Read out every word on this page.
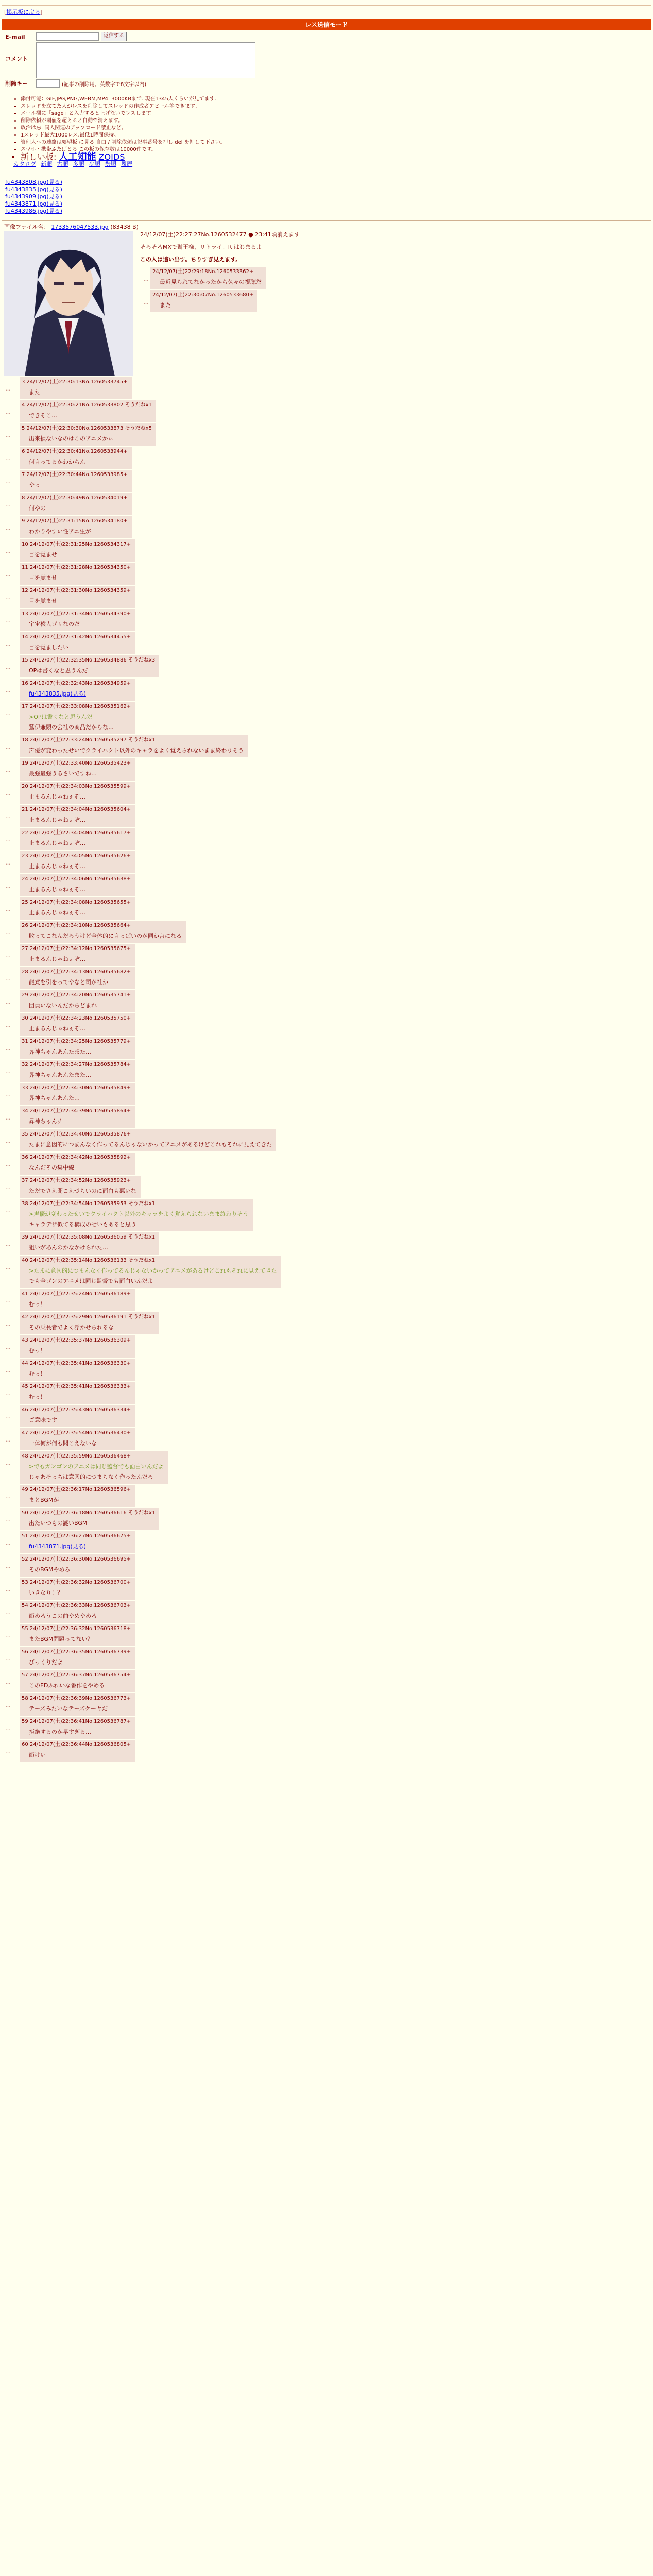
[掲示板に戻る]
レス送信モード
E-mail	返信する
コメント
削除キー	(記事の削除用。英数字で8文字以内)
• 添付可能：GIF,JPG,PNG,WEBM,MP4. 3000KBまで. 現在1345人くらいが見てます.
• スレッドを立てた人がレスを削除してスレッドの作成者アピール等できます。
• メール欄に「sage」と入力すると上げないでレスします。
• 削除依頼が閾値を超えると自動で消えます。
• 政治は忌. 同人関連のアップロード禁止など。
• 1スレッド最大1000レス,最低1時間保持。
• 管理人への連絡は要望板 に見る 自由 / 削除依頼は記事番号を押し del を押して下さい。
• スマホ・携帯ふたばとろ この板の保存数は10000件です。
• 新しい板: 人工知能 ZOIDS
カタログ 新順 古順 多順 少順 勢順 履歴
fu4343808.jpg(見る)
fu4343835.jpg(見る)
fu4343909.jpg(見る)
fu4343871.jpg(見る)
fu4343986.jpg(見る)
画像ファイル名： 1733576047533.jpg (83438 B)
24/12/07(土)22:27:27No.1260532477 ● 23:41頃消えます

そろそろMXで鷲王様、リトライ！R はじまるよ

この人は追い出す。ちりすぎ見えます。

…
24/12/07(土)22:29:18No.1260533362+
最近見られてなかったから久々の視聴だ
…
24/12/07(土)22:30:07No.1260533680+
また
…
3 24/12/07(土)22:30:13No.1260533745+
また
…
4 24/12/07(土)22:30:21No.1260533802 そうだねx1
できそこ…
…
5 24/12/07(土)22:30:30No.1260533873 そうだねx5
出来損ないなのはこのアニメかぃ
…
6 24/12/07(土)22:30:41No.1260533944+
何言ってるかわからん
…
7 24/12/07(土)22:30:44No.1260533985+
やっ
…
8 24/12/07(土)22:30:49No.1260534019+
何やの
…
9 24/12/07(土)22:31:15No.1260534180+
わかりやすい性アニ生が
…
10 24/12/07(土)22:31:25No.1260534317+
目を覚ませ
…
11 24/12/07(土)22:31:28No.1260534350+
目を覚ませ
…
12 24/12/07(土)22:31:30No.1260534359+
目を覚ませ
…
13 24/12/07(土)22:31:34No.1260534390+
宇宙猿人ゴリなのだ
…
14 24/12/07(土)22:31:42No.1260534455+
目を覚ましたい
…
15 24/12/07(土)22:32:35No.1260534886 そうだねx3
OPは書くなと思うんだ
…
16 24/12/07(土)22:32:43No.1260534959+
fu4343835.jpg(見る)
…
17 24/12/07(土)22:33:08No.1260535162+
>OPは書くなと思うんだ
鷲伊兼頭の会社の商品だからな…
…
18 24/12/07(土)22:33:24No.1260535297 そうだねx1
声優が変わったせいでクライハクト以外のキャラをよく覚えられないまま終わりそう
…
19 24/12/07(土)22:33:40No.1260535423+
最強最強うるさいですね…
…
20 24/12/07(土)22:34:03No.1260535599+
止まるんじゃねぇぞ…
…
21 24/12/07(土)22:34:04No.1260535604+
止まるんじゃねぇぞ…
…
22 24/12/07(土)22:34:04No.1260535617+
止まるんじゃねぇぞ…
…
23 24/12/07(土)22:34:05No.1260535626+
止まるんじゃねぇぞ…
…
24 24/12/07(土)22:34:06No.1260535638+
止まるんじゃねぇぞ…
…
25 24/12/07(土)22:34:08No.1260535655+
止まるんじゃねぇぞ…
…
26 24/12/07(土)22:34:10No.1260535664+
敗ってこなんだろうけど全体的に言っぱいのが同か言になる
…
27 24/12/07(土)22:34:12No.1260535675+
止まるんじゃねぇぞ…
…
28 24/12/07(土)22:34:13No.1260535682+
龍煮を引をってやなと司が社か
…
29 24/12/07(土)22:34:20No.1260535741+
団員いないんだからどまれ
…
30 24/12/07(土)22:34:23No.1260535750+
止まるんじゃねぇぞ…
…
31 24/12/07(土)22:34:25No.1260535779+
昇神ちゃんあんたまた…
…
32 24/12/07(土)22:34:27No.1260535784+
昇神ちゃんあんたまた…
…
33 24/12/07(土)22:34:30No.1260535849+
昇神ちゃんあんた…
…
34 24/12/07(土)22:34:39No.1260535864+
昇神ちゃんチ
…
35 24/12/07(土)22:34:40No.1260535876+
たまに意図的につまんなく作ってるんじゃないかってアニメがあるけどこれもそれに見えてきた
…
36 24/12/07(土)22:34:42No.1260535892+
なんだその集中線
…
37 24/12/07(土)22:34:52No.1260535923+
ただでさえ聞こえづらいのに面白も悪いな
…
38 24/12/07(土)22:34:54No.1260535953 そうだねx1
>声優が変わったせいでクライハクト以外のキャラをよく覚えられないまま終わりそう
キャラデザ似てる構成のせいもあると思う
…
39 24/12/07(土)22:35:08No.1260536059 そうだねx1
狙いがあんのかなかけられた…
…
40 24/12/07(土)22:35:14No.1260536133 そうだねx1
>たまに意図的につまんなく作ってるんじゃないかってアニメがあるけどこれもそれに見えてきた
でも全ゴンのアニメは同じ監督でも面白いんだよ
…
41 24/12/07(土)22:35:24No.1260536189+
むっ！
…
42 24/12/07(土)22:35:29No.1260536191 そうだねx1
その乗長者でよく浮かせられるな
…
43 24/12/07(土)22:35:37No.1260536309+
むっ！
…
44 24/12/07(土)22:35:41No.1260536330+
むっ！
…
45 24/12/07(土)22:35:41No.1260536333+
むっ！
…
46 24/12/07(土)22:35:43No.1260536334+
ご意味です
…
47 24/12/07(土)22:35:54No.1260536430+
一体何が何も聞こえないな
…
48 24/12/07(土)22:35:59No.1260536468+
>でもガンゴンのアニメは同じ監督でも面白いんだよ
じゃあそっちは意図的につまらなく作ったんだろ
…
49 24/12/07(土)22:36:17No.1260536596+
まとBGMが
…
50 24/12/07(土)22:36:18No.1260536616 そうだねx1
出たいつもの謎いBGM
…
51 24/12/07(土)22:36:27No.1260536675+
fu4343871.jpg(見る)
…
52 24/12/07(土)22:36:30No.1260536695+
そのBGMやめろ
…
53 24/12/07(土)22:36:32No.1260536700+
いきなり！？
…
54 24/12/07(土)22:36:33No.1260536703+
節めろうこの曲やめやめろ
…
55 24/12/07(土)22:36:32No.1260536718+
またBGM問題ってない？
…
56 24/12/07(土)22:36:35No.1260536739+
びっくりだよ
…
57 24/12/07(土)22:36:37No.1260536754+
このEDふれいな番作をやめる
…
58 24/12/07(土)22:36:39No.1260536773+
テーズみたいなテーズケーヤだ
…
59 24/12/07(土)22:36:41No.1260536787+
拒絶するのか早すぎる…
…
60 24/12/07(土)22:36:44No.1260536805+
節けい
